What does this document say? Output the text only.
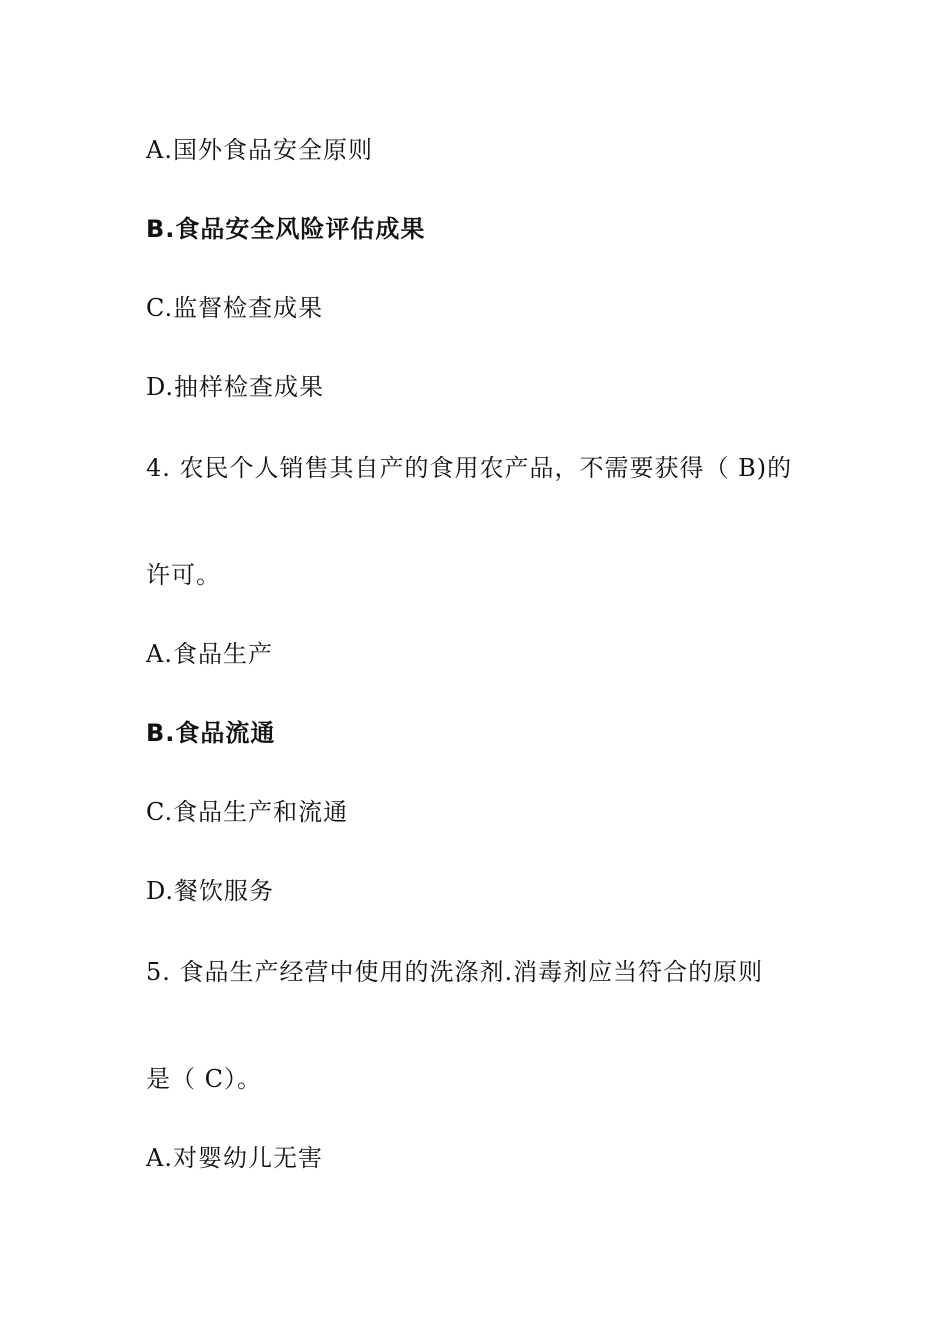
A.国外食品安全原则
B.食品安全风险评估成果
C.监督检查成果
D.抽样检查成果
4. 农民个人销售其自产的食用农产品，不需要获得（ B)的
许可。
A.食品生产
B.食品流通
C.食品生产和流通
D.餐饮服务
5. 食品生产经营中使用的洗涤剂.消毒剂应当符合的原则
是（ C）。
A.对婴幼儿无害
